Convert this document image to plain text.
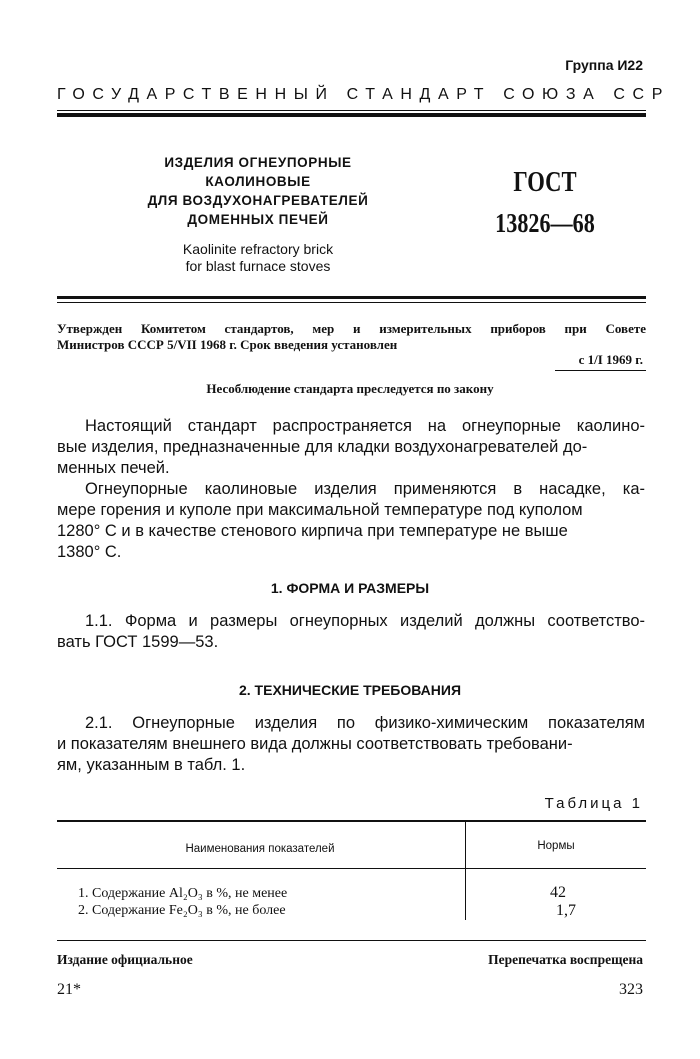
Группа И22
ГОСУДАРСТВЕННЫЙ СТАНДАРТ СОЮЗА ССР
ИЗДЕЛИЯ ОГНЕУПОРНЫЕ
КАОЛИНОВЫЕ
ДЛЯ ВОЗДУХОНАГРЕВАТЕЛЕЙ
ДОМЕННЫХ ПЕЧЕЙ
Kaolinite refractory brick
for blast furnace stoves
ГОСТ
13826—68
Утвержден Комитетом стандартов, мер и измерительных приборов при Совете
Министров СССР 5/VII 1968 г. Срок введения установлен
с 1/I 1969 г.
Несоблюдение стандарта преследуется по закону
Настоящий стандарт распространяется на огнеупорные каолино-
вые изделия, предназначенные для кладки воздухонагревателей до-
менных печей.
Огнеупорные каолиновые изделия применяются в насадке, ка-
мере горения и куполе при максимальной температуре под куполом
1280° С и в качестве стенового кирпича при температуре не выше
1380° С.
1. ФОРМА И РАЗМЕРЫ
1.1. Форма и размеры огнеупорных изделий должны соответство-
вать ГОСТ 1599—53.
2. ТЕХНИЧЕСКИЕ ТРЕБОВАНИЯ
2.1. Огнеупорные изделия по физико-химическим показателям
и показателям внешнего вида должны соответствовать требовани-
ям, указанным в табл. 1.
Таблица 1
Наименования показателей	Нормы
1. Содержание Al₂O₃ в %, не менее	42
2. Содержание Fe₂O₃ в %, не более	1,7
Издание официальное	Перепечатка воспрещена
21*	323
